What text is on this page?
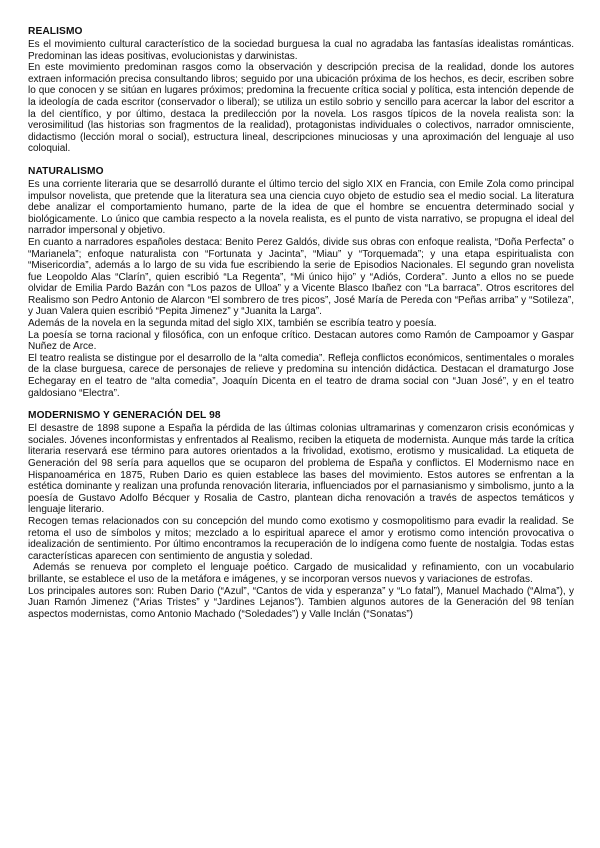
REALISMO

Es el movimiento cultural característico de la sociedad burguesa la cual no agradaba las fantasías idealistas románticas. Predominan las ideas positivas, evolucionistas y darwinistas.

En este movimiento predominan rasgos como la observación y descripción precisa de la realidad, donde los autores extraen información precisa consultando libros; seguido por una ubicación próxima de los hechos, es decir, escriben sobre lo que conocen y se sitúan en lugares próximos; predomina la frecuente crítica social y política, esta intención depende de la ideología de cada escritor (conservador o liberal); se utiliza un estilo sobrio y sencillo para acercar la labor del escritor a la del científico, y por último, destaca la predilección por la novela. Los rasgos típicos de la novela realista son: la verosimilitud (las historias son fragmentos de la realidad), protagonistas individuales o colectivos, narrador omnisciente, didactismo (lección moral o social), estructura lineal, descripciones minuciosas y una aproximación del lenguaje al uso coloquial.

NATURALISMO

Es una corriente literaria que se desarrolló durante el último tercio del siglo XIX en Francia, con Emile Zola como principal impulsor novelista, que pretende que la literatura sea una ciencia cuyo objeto de estudio sea el medio social. La literatura debe analizar el comportamiento humano, parte de la idea de que el hombre se encuentra determinado social y biológicamente. Lo único que cambia respecto a la novela realista, es el punto de vista narrativo, se propugna el ideal del narrador impersonal y objetivo.

En cuanto a narradores españoles destaca: Benito Perez Galdós, divide sus obras con enfoque realista, “Doña Perfecta” o “Marianela”; enfoque naturalista con “Fortunata y Jacinta”, “Miau” y “Torquemada”; y una etapa espiritualista con “Misericordia”, además a lo largo de su vida fue escribiendo la serie de Episodios Nacionales. El segundo gran novelista fue Leopoldo Alas “Clarín”, quien escribió “La Regenta”, “Mi único hijo” y “Adiós, Cordera”. Junto a ellos no se puede olvidar de Emilia Pardo Bazán con “Los pazos de Ulloa” y a Vicente Blasco Ibañez con “La barraca”. Otros escritores del Realismo son Pedro Antonio de Alarcon “El sombrero de tres picos”, José María de Pereda con “Peñas arriba” y “Sotileza”, y Juan Valera quien escribió “Pepita Jimenez” y “Juanita la Larga”.

Además de la novela en la segunda mitad del siglo XIX, también se escribía teatro y poesía.

La poesía se torna racional y filosófica, con un enfoque crítico. Destacan autores como Ramón de Campoamor y Gaspar Nuñez de Arce.

El teatro realista se distingue por el desarrollo de la “alta comedia”. Refleja conflictos económicos, sentimentales o morales de la clase burguesa, carece de personajes de relieve y predomina su intención didáctica. Destacan el dramaturgo Jose Echegaray en el teatro de “alta comedia”, Joaquín Dicenta en el teatro de drama social con “Juan José”, y en el teatro galdosiano “Electra”.

MODERNISMO Y GENERACIÓN DEL 98

El desastre de 1898 supone a España la pérdida de las últimas colonias ultramarinas y comenzaron crisis económicas y sociales. Jóvenes inconformistas y enfrentados al Realismo, reciben la etiqueta de modernista. Aunque más tarde la crítica literaria reservará ese término para autores orientados a la frivolidad, exotismo, erotismo y musicalidad. La etiqueta de Generación del 98 sería para aquellos que se ocuparon del problema de España y conflictos. El Modernismo nace en Hispanoamérica en 1875, Ruben Dario es quien establece las bases del movimiento. Estos autores se enfrentan a la estética dominante y realizan una profunda renovación literaria, influenciados por el parnasianismo y simbolismo, junto a la poesía de Gustavo Adolfo Bécquer y Rosalia de Castro, plantean dicha renovación a través de aspectos temáticos y lenguaje literario.

Recogen temas relacionados con su concepción del mundo como exotismo y cosmopolitismo para evadir la realidad. Se retoma el uso de símbolos y mitos; mezclado a lo espiritual aparece el amor y erotismo como intención provocativa o idealización de sentimiento. Por último encontramos la recuperación de lo indígena como fuente de nostalgia. Todas estas características aparecen con sentimiento de angustia y soledad.

Además se renueva por completo el lenguaje poético. Cargado de musicalidad y refinamiento, con un vocabulario brillante, se establece el uso de la metáfora e imágenes, y se incorporan versos nuevos y variaciones de estrofas.

Los principales autores son: Ruben Dario (“Azul”, “Cantos de vida y esperanza” y “Lo fatal”), Manuel Machado (“Alma”), y Juan Ramón Jimenez (“Arias Tristes” y “Jardines Lejanos”). Tambien algunos autores de la Generación del 98 tenían aspectos modernistas, como Antonio Machado (“Soledades”) y Valle Inclán (“Sonatas”)
